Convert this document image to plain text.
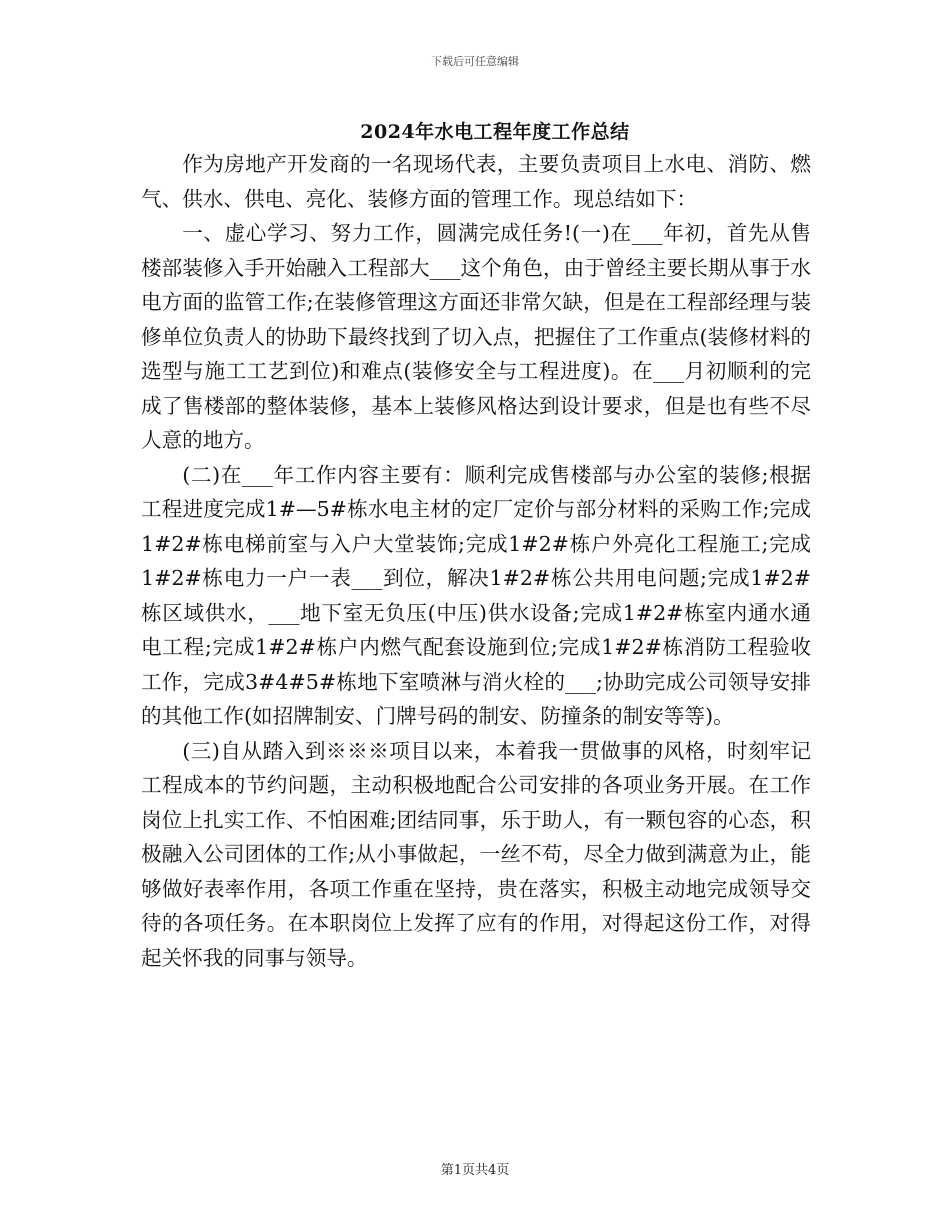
下载后可任意编辑
2024年水电工程年度工作总结

作为房地产开发商的一名现场代表，主要负责项目上水电、消防、燃气、供水、供电、亮化、装修方面的管理工作。现总结如下：

一、虚心学习、努力工作，圆满完成任务!(一)在___年初，首先从售楼部装修入手开始融入工程部大___这个角色，由于曾经主要长期从事于水电方面的监管工作;在装修管理这方面还非常欠缺，但是在工程部经理与装修单位负责人的协助下最终找到了切入点，把握住了工作重点(装修材料的选型与施工工艺到位)和难点(装修安全与工程进度)。在___月初顺利的完成了售楼部的整体装修，基本上装修风格达到设计要求，但是也有些不尽人意的地方。

(二)在___年工作内容主要有：顺利完成售楼部与办公室的装修;根据工程进度完成1#—5#栋水电主材的定厂定价与部分材料的采购工作;完成1#2#栋电梯前室与入户大堂装饰;完成1#2#栋户外亮化工程施工;完成1#2#栋电力一户一表___到位，解决1#2#栋公共用电问题;完成1#2#栋区域供水，___地下室无负压(中压)供水设备;完成1#2#栋室内通水通电工程;完成1#2#栋户内燃气配套设施到位;完成1#2#栋消防工程验收工作，完成3#4#5#栋地下室喷淋与消火栓的___;协助完成公司领导安排的其他工作(如招牌制安、门牌号码的制安、防撞条的制安等等)。

(三)自从踏入到※※※项目以来，本着我一贯做事的风格，时刻牢记工程成本的节约问题，主动积极地配合公司安排的各项业务开展。在工作岗位上扎实工作、不怕困难;团结同事，乐于助人，有一颗包容的心态，积极融入公司团体的工作;从小事做起，一丝不苟，尽全力做到满意为止，能够做好表率作用，各项工作重在坚持，贵在落实，积极主动地完成领导交待的各项任务。在本职岗位上发挥了应有的作用，对得起这份工作，对得起关怀我的同事与领导。

第1页共4页
